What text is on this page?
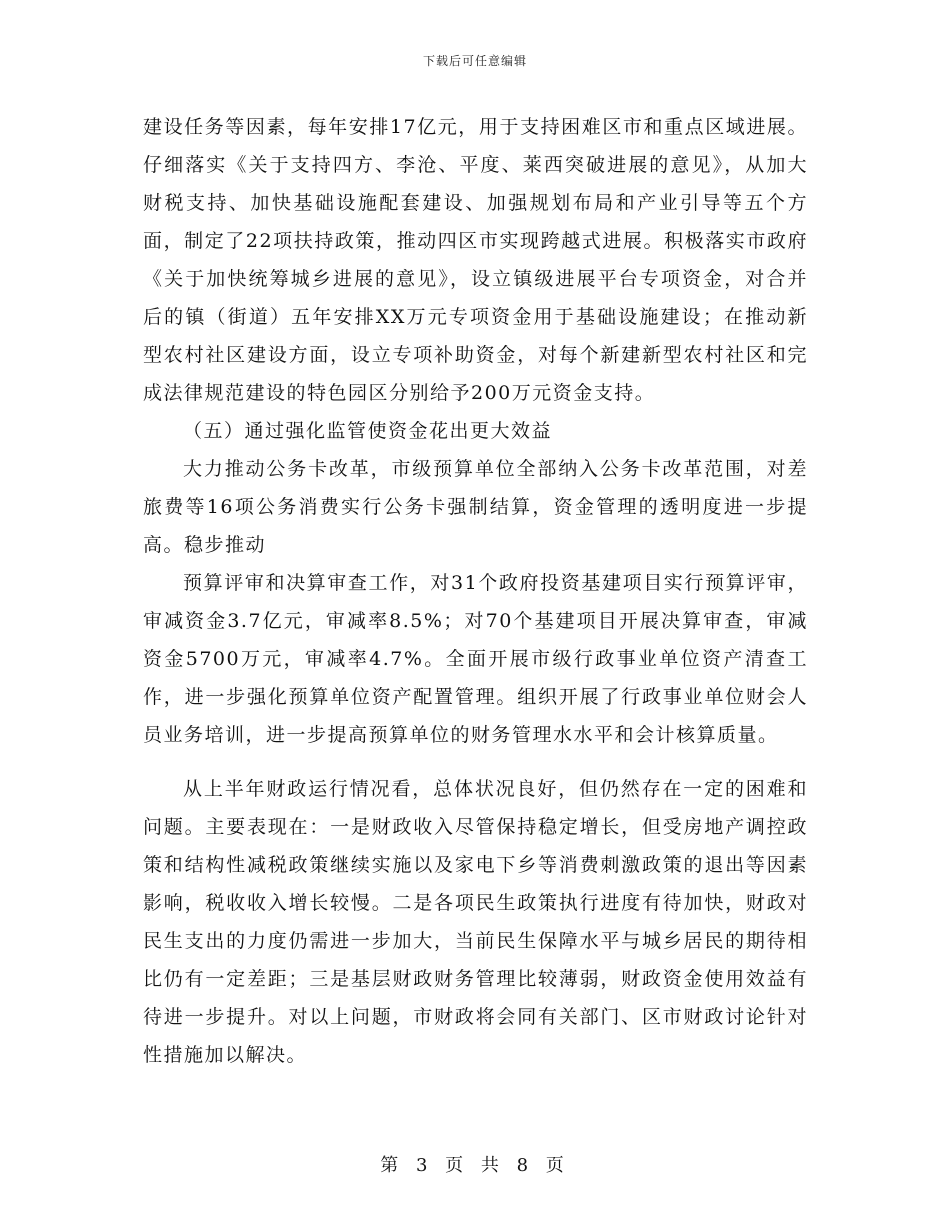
下载后可任意编辑

建设任务等因素，每年安排17亿元，用于支持困难区市和重点区域进展。仔细落实《关于支持四方、李沧、平度、莱西突破进展的意见》，从加大财税支持、加快基础设施配套建设、加强规划布局和产业引导等五个方面，制定了22项扶持政策，推动四区市实现跨越式进展。积极落实市政府《关于加快统筹城乡进展的意见》，设立镇级进展平台专项资金，对合并后的镇（街道）五年安排XX万元专项资金用于基础设施建设；在推动新型农村社区建设方面，设立专项补助资金，对每个新建新型农村社区和完成法律规范建设的特色园区分别给予200万元资金支持。

（五）通过强化监管使资金花出更大效益

大力推动公务卡改革，市级预算单位全部纳入公务卡改革范围，对差旅费等16项公务消费实行公务卡强制结算，资金管理的透明度进一步提高。稳步推动

预算评审和决算审查工作，对31个政府投资基建项目实行预算评审，审减资金3.7亿元，审减率8.5%；对70个基建项目开展决算审查，审减资金5700万元，审减率4.7%。全面开展市级行政事业单位资产清查工作，进一步强化预算单位资产配置管理。组织开展了行政事业单位财会人员业务培训，进一步提高预算单位的财务管理水水平和会计核算质量。

从上半年财政运行情况看，总体状况良好，但仍然存在一定的困难和问题。主要表现在：一是财政收入尽管保持稳定增长，但受房地产调控政策和结构性减税政策继续实施以及家电下乡等消费刺激政策的退出等因素影响，税收收入增长较慢。二是各项民生政策执行进度有待加快，财政对民生支出的力度仍需进一步加大，当前民生保障水平与城乡居民的期待相比仍有一定差距；三是基层财政财务管理比较薄弱，财政资金使用效益有待进一步提升。对以上问题，市财政将会同有关部门、区市财政讨论针对性措施加以解决。

第 3 页 共 8 页
